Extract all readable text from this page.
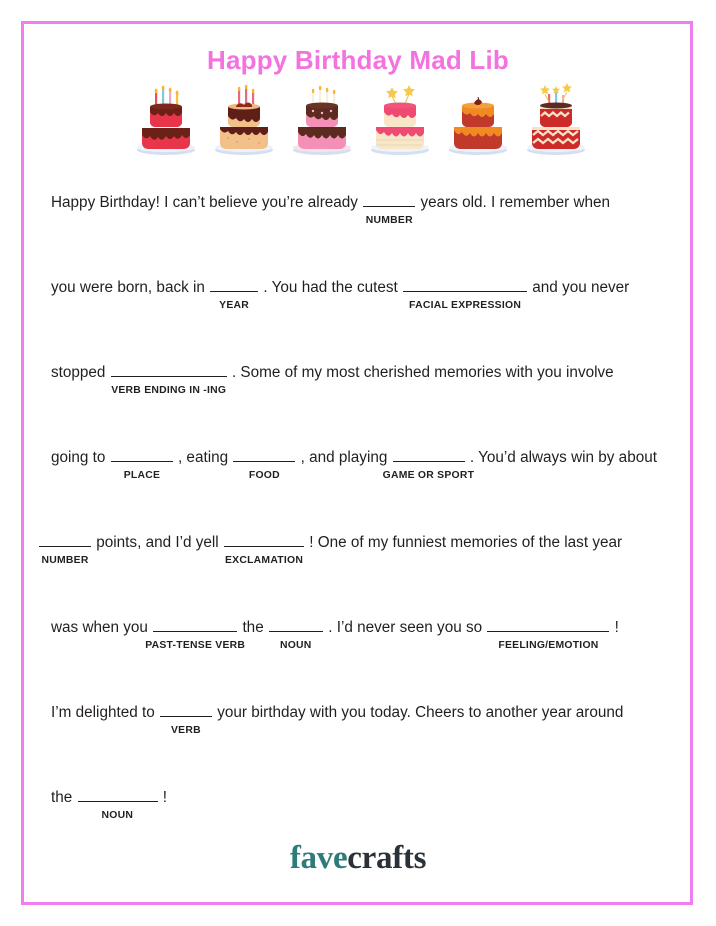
Happy Birthday Mad Lib
Happy Birthday! I can’t believe you’re already	years old. I remember when
NUMBER
you were born, back in	. You had the cutest	and you never
YEAR	FACIAL EXPRESSION
stopped	. Some of my most cherished memories with you involve
VERB ENDING IN -ING
going to	, eating	, and playing	. You’d always win by about
PLACE	FOOD	GAME OR SPORT
points, and I’d yell	! One of my funniest memories of the last year
NUMBER	EXCLAMATION
was when you	the	. I’d never seen you so	!
PAST-TENSE VERB	NOUN	FEELING/EMOTION
I’m delighted to	your birthday with you today. Cheers to another year around
VERB
the	!
NOUN
favecrafts
